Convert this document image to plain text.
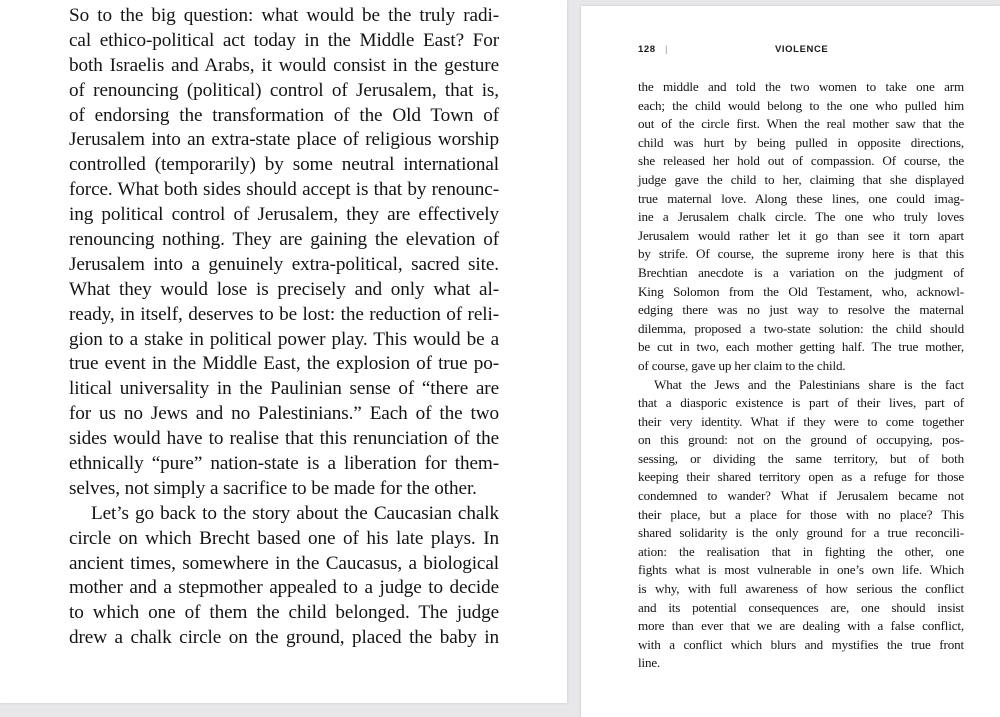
So to the big question: what would be the truly radi-
cal ethico-political act today in the Middle East? For
both Israelis and Arabs, it would consist in the gesture
of renouncing (political) control of Jerusalem, that is,
of endorsing the transformation of the Old Town of
Jerusalem into an extra-state place of religious worship
controlled (temporarily) by some neutral international
force. What both sides should accept is that by renounc-
ing political control of Jerusalem, they are effectively
renouncing nothing. They are gaining the elevation of
Jerusalem into a genuinely extra-political, sacred site.
What they would lose is precisely and only what al-
ready, in itself, deserves to be lost: the reduction of reli-
gion to a stake in political power play. This would be a
true event in the Middle East, the explosion of true po-
litical universality in the Paulinian sense of “there are
for us no Jews and no Palestinians.” Each of the two
sides would have to realise that this renunciation of the
ethnically “pure” nation-state is a liberation for them-
selves, not simply a sacrifice to be made for the other.
Let’s go back to the story about the Caucasian chalk
circle on which Brecht based one of his late plays. In
ancient times, somewhere in the Caucasus, a biological
mother and a stepmother appealed to a judge to decide
to which one of them the child belonged. The judge
drew a chalk circle on the ground, placed the baby in
128 |	VIOLENCE
the middle and told the two women to take one arm
each; the child would belong to the one who pulled him
out of the circle first. When the real mother saw that the
child was hurt by being pulled in opposite directions,
she released her hold out of compassion. Of course, the
judge gave the child to her, claiming that she displayed
true maternal love. Along these lines, one could imag-
ine a Jerusalem chalk circle. The one who truly loves
Jerusalem would rather let it go than see it torn apart
by strife. Of course, the supreme irony here is that this
Brechtian anecdote is a variation on the judgment of
King Solomon from the Old Testament, who, acknowl-
edging there was no just way to resolve the maternal
dilemma, proposed a two-state solution: the child should
be cut in two, each mother getting half. The true mother,
of course, gave up her claim to the child.
What the Jews and the Palestinians share is the fact
that a diasporic existence is part of their lives, part of
their very identity. What if they were to come together
on this ground: not on the ground of occupying, pos-
sessing, or dividing the same territory, but of both
keeping their shared territory open as a refuge for those
condemned to wander? What if Jerusalem became not
their place, but a place for those with no place? This
shared solidarity is the only ground for a true reconcili-
ation: the realisation that in fighting the other, one
fights what is most vulnerable in one’s own life. Which
is why, with full awareness of how serious the conflict
and its potential consequences are, one should insist
more than ever that we are dealing with a false conflict,
with a conflict which blurs and mystifies the true front
line.
